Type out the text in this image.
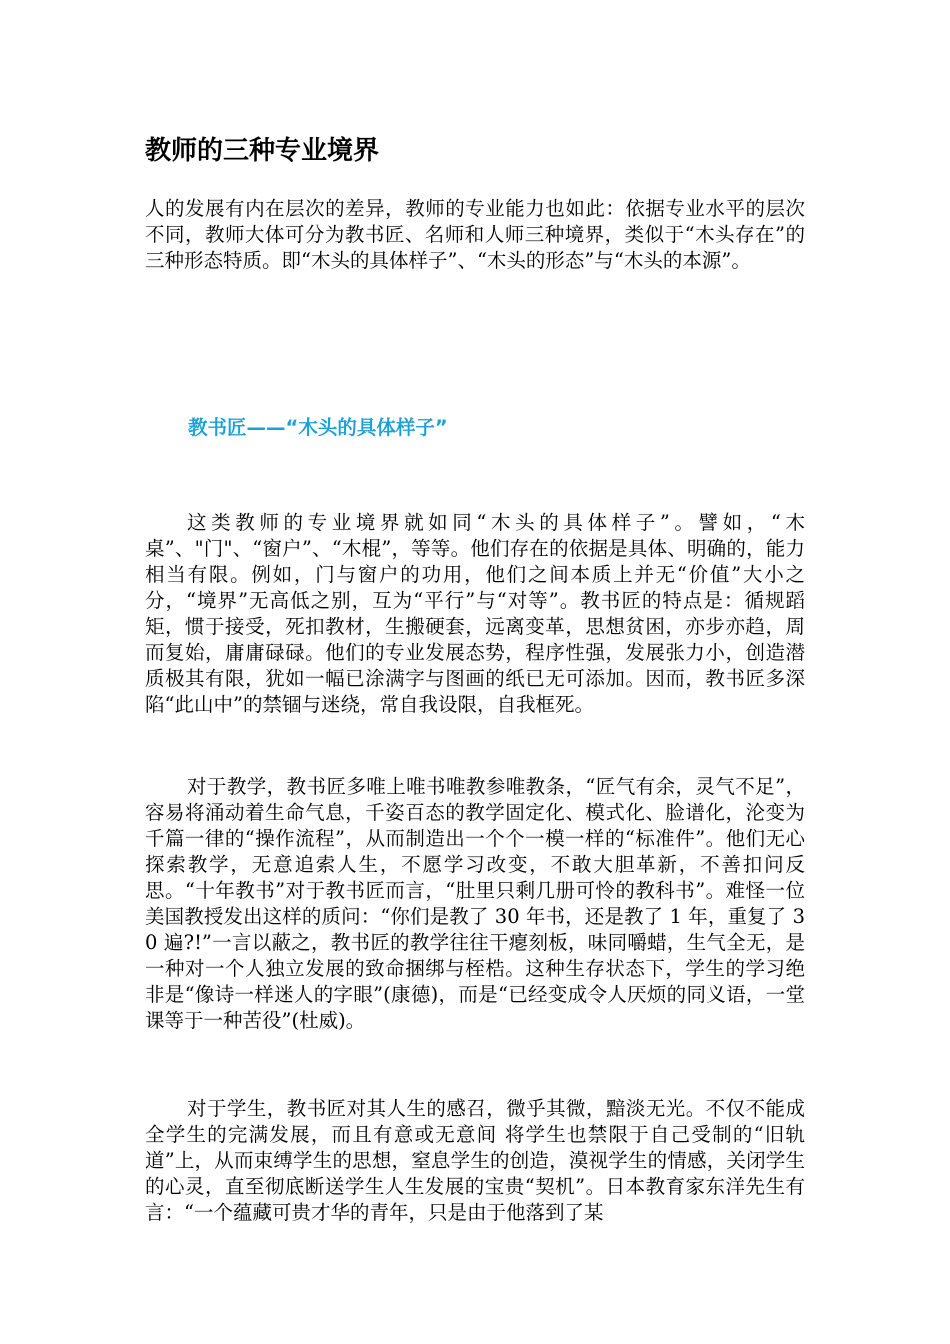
教师的三种专业境界

人的发展有内在层次的差异，教师的专业能力也如此：依据专业水平的层次不同，教师大体可分为教书匠、名师和人师三种境界，类似于“木头存在”的三种形态特质。即“木头的具体样子”、“木头的形态”与“木头的本源”。

教书匠——“木头的具体样子”

这类教师的专业境界就如同“木头的具体样子”。譬如，“木桌”、"门"、“窗户”、“木棍”，等等。他们存在的依据是具体、明确的，能力相当有限。例如，门与窗户的功用，他们之间本质上并无“价值”大小之分，“境界”无高低之别，互为“平行”与“对等”。教书匠的特点是：循规蹈矩，惯于接受，死扣教材，生搬硬套，远离变革，思想贫困，亦步亦趋，周而复始，庸庸碌碌。他们的专业发展态势，程序性强，发展张力小，创造潜质极其有限，犹如一幅已涂满字与图画的纸已无可添加。因而，教书匠多深陷“此山中”的禁锢与迷绕，常自我设限，自我框死。

对于教学，教书匠多唯上唯书唯教参唯教条，“匠气有余，灵气不足”，容易将涌动着生命气息，千姿百态的教学固定化、模式化、脸谱化，沦变为千篇一律的“操作流程”，从而制造出一个个一模一样的“标准件”。他们无心探索教学，无意追索人生，不愿学习改变，不敢大胆革新，不善扣问反思。“十年教书”对于教书匠而言，“肚里只剩几册可怜的教科书”。难怪一位美国教授发出这样的质问：“你们是教了 30 年书，还是教了 1 年，重复了 30 遍?!”一言以蔽之，教书匠的教学往往干瘪刻板，味同嚼蜡，生气全无，是一种对一个人独立发展的致命捆绑与桎梏。这种生存状态下，学生的学习绝非是“像诗一样迷人的字眼”(康德)，而是“已经变成令人厌烦的同义语，一堂课等于一种苦役”(杜威)。

对于学生，教书匠对其人生的感召，微乎其微，黯淡无光。不仅不能成全学生的完满发展，而且有意或无意间 将学生也禁限于自己受制的“旧轨道”上，从而束缚学生的思想，窒息学生的创造，漠视学生的情感，关闭学生的心灵，直至彻底断送学生人生发展的宝贵“契机”。日本教育家东洋先生有言：“一个蕴藏可贵才华的青年，只是由于他落到了某
